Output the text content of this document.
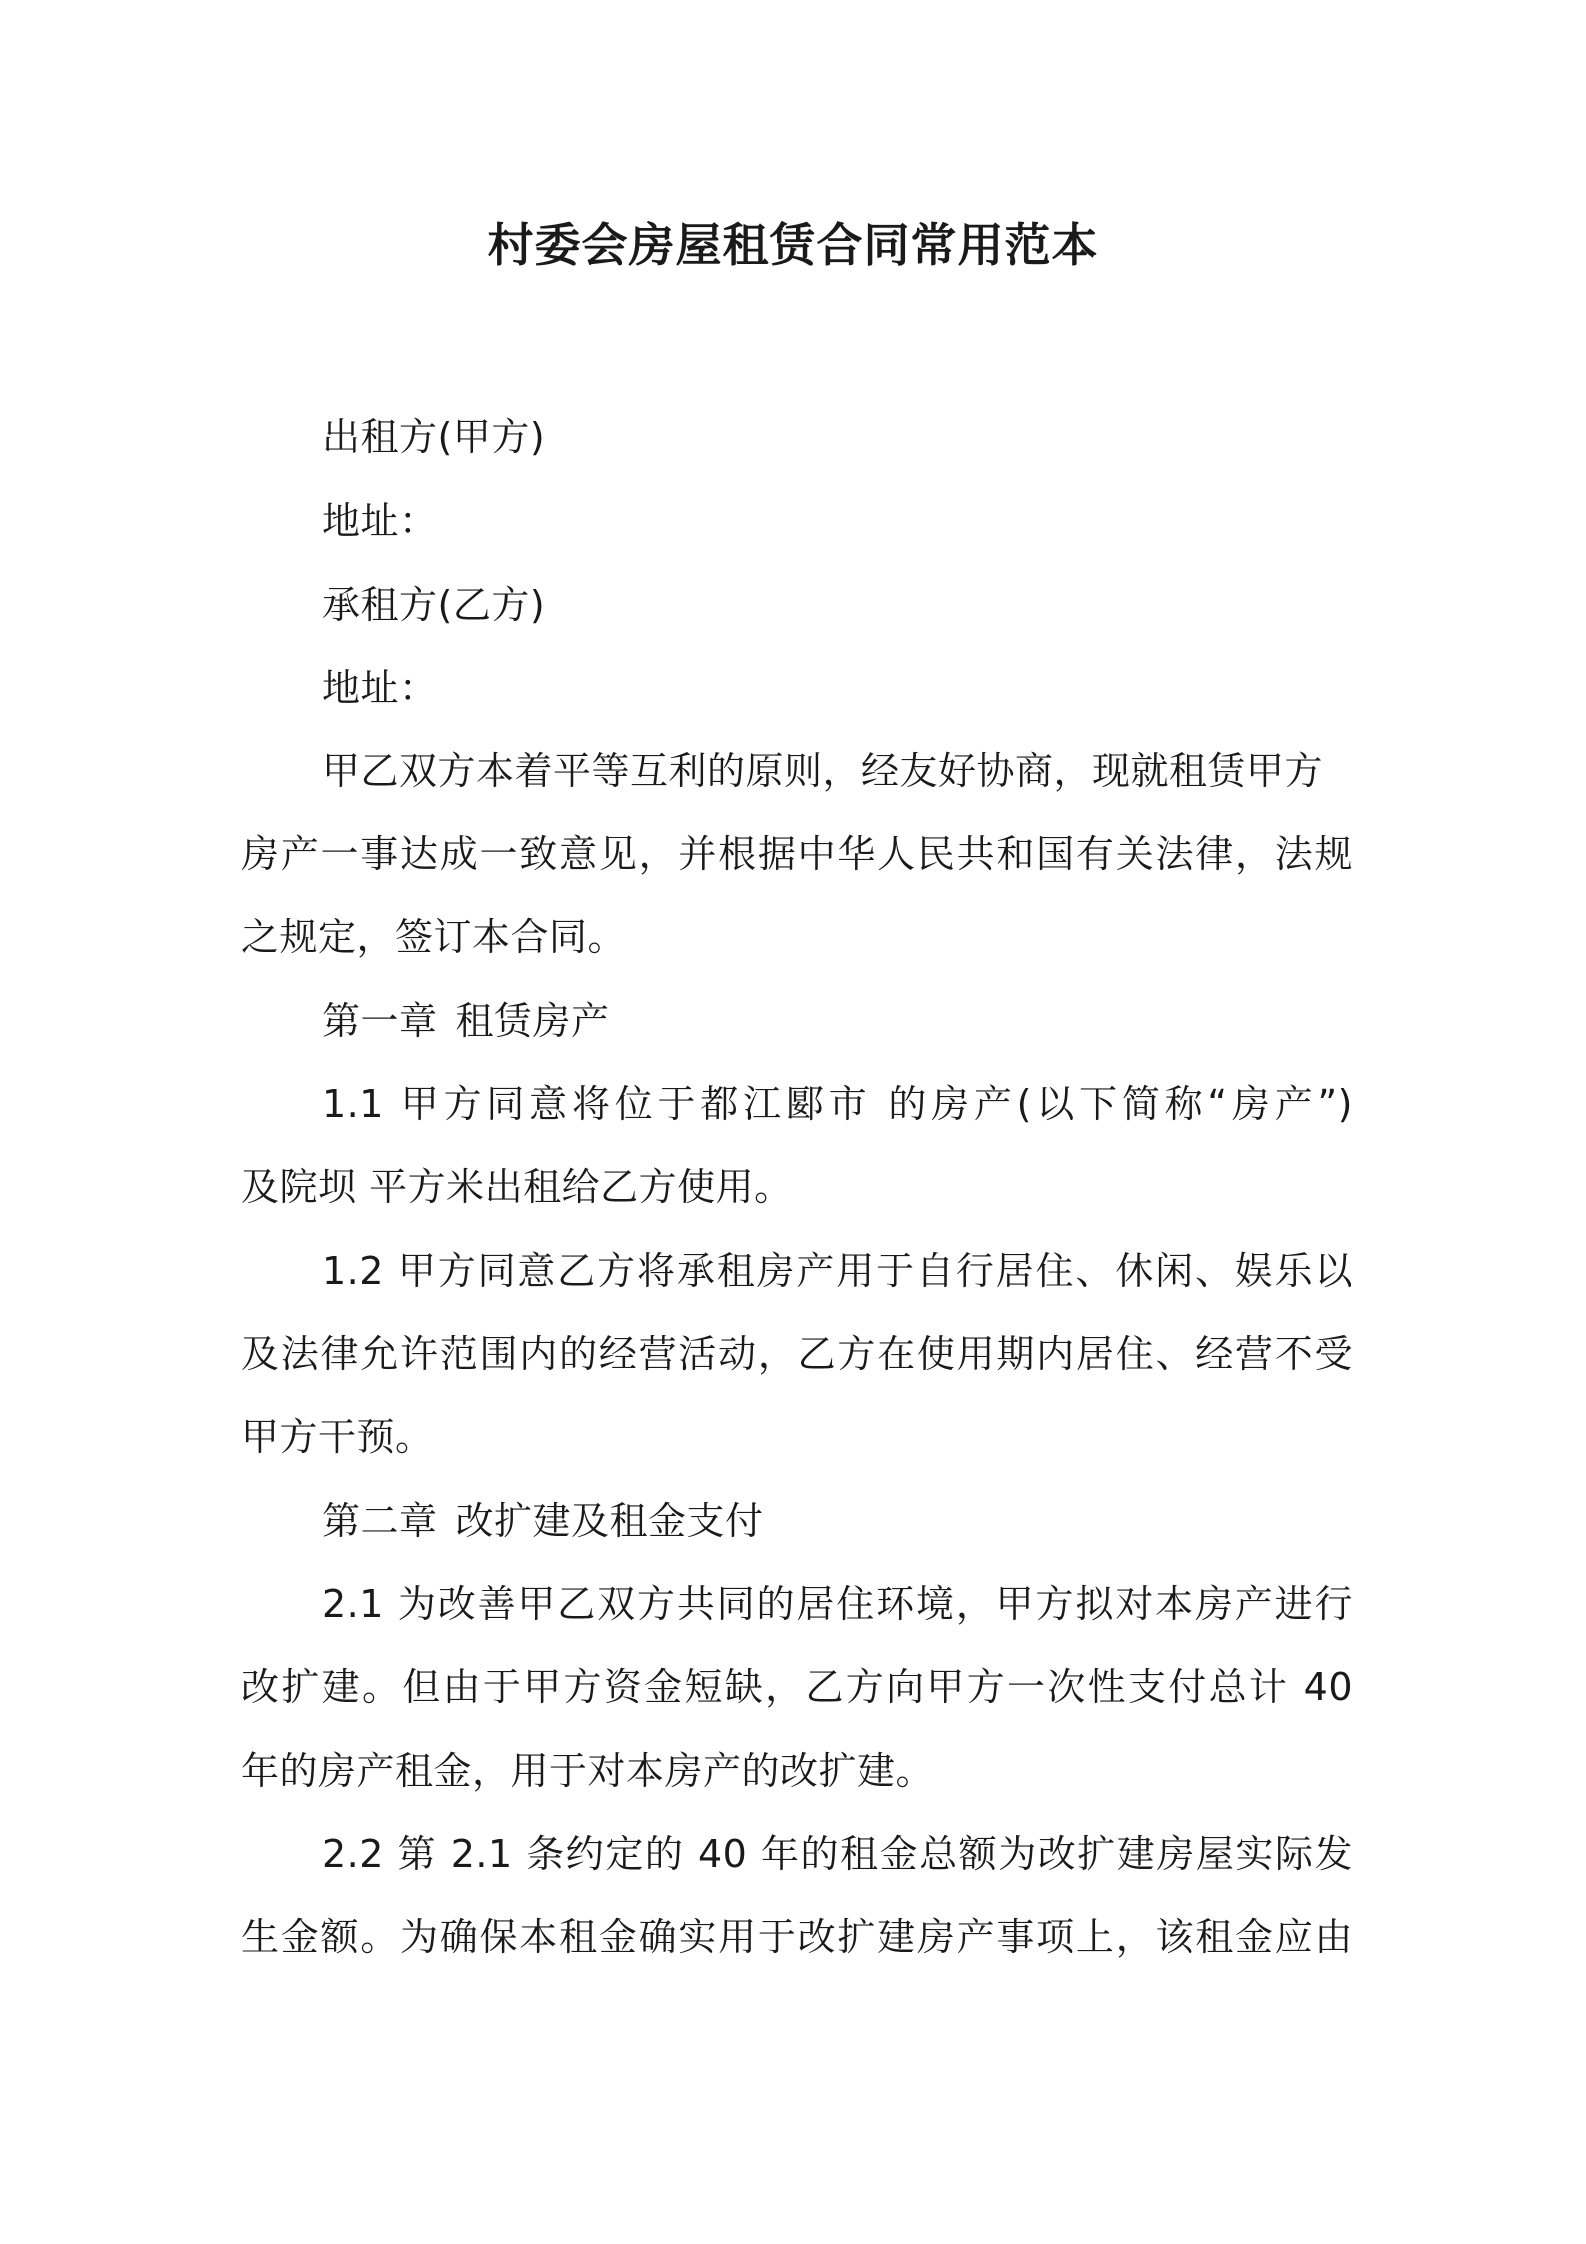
村委会房屋租赁合同常用范本
出租方(甲方)
地址：
承租方(乙方)
地址：
甲乙双方本着平等互利的原则，经友好协商，现就租赁甲方
房产一事达成一致意见，并根据中华人民共和国有关法律，法规
之规定，签订本合同。
第一章 租赁房产
1.1 甲方同意将位于都江郾市 的房产(以下简称“房产”)
及院坝 平方米出租给乙方使用。
1.2 甲方同意乙方将承租房产用于自行居住、休闲、娱乐以
及法律允许范围内的经营活动，乙方在使用期内居住、经营不受
甲方干预。
第二章 改扩建及租金支付
2.1 为改善甲乙双方共同的居住环境，甲方拟对本房产进行
改扩建。但由于甲方资金短缺，乙方向甲方一次性支付总计 40
年的房产租金，用于对本房产的改扩建。
2.2 第 2.1 条约定的 40 年的租金总额为改扩建房屋实际发
生金额。为确保本租金确实用于改扩建房产事项上，该租金应由
